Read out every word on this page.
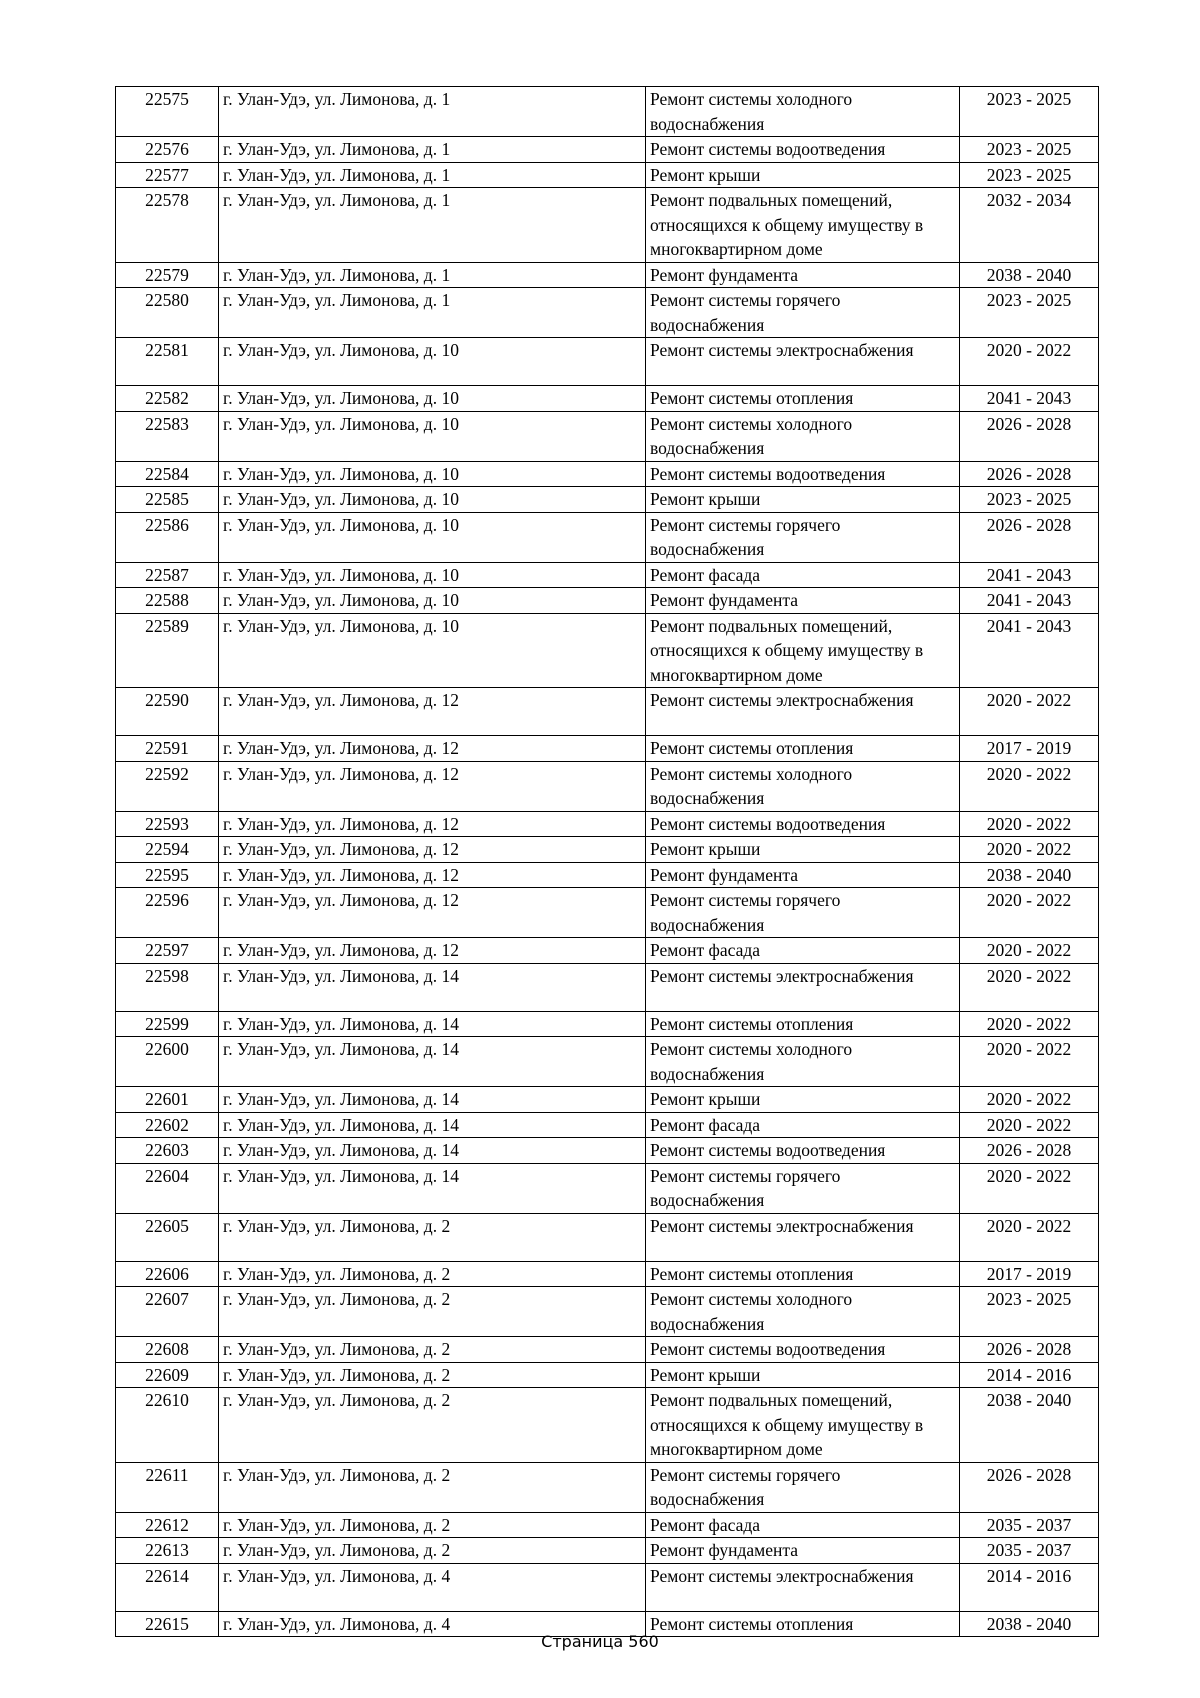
22575	г. Улан-Удэ, ул. Лимонова, д. 1	Ремонт системы холодного водоснабжения	2023 - 2025
22576	г. Улан-Удэ, ул. Лимонова, д. 1	Ремонт системы водоотведения	2023 - 2025
22577	г. Улан-Удэ, ул. Лимонова, д. 1	Ремонт крыши	2023 - 2025
22578	г. Улан-Удэ, ул. Лимонова, д. 1	Ремонт подвальных помещений, относящихся к общему имуществу в многоквартирном доме	2032 - 2034
22579	г. Улан-Удэ, ул. Лимонова, д. 1	Ремонт фундамента	2038 - 2040
22580	г. Улан-Удэ, ул. Лимонова, д. 1	Ремонт системы горячего водоснабжения	2023 - 2025
22581	г. Улан-Удэ, ул. Лимонова, д. 10	Ремонт системы электроснабжения	2020 - 2022
22582	г. Улан-Удэ, ул. Лимонова, д. 10	Ремонт системы отопления	2041 - 2043
22583	г. Улан-Удэ, ул. Лимонова, д. 10	Ремонт системы холодного водоснабжения	2026 - 2028
22584	г. Улан-Удэ, ул. Лимонова, д. 10	Ремонт системы водоотведения	2026 - 2028
22585	г. Улан-Удэ, ул. Лимонова, д. 10	Ремонт крыши	2023 - 2025
22586	г. Улан-Удэ, ул. Лимонова, д. 10	Ремонт системы горячего водоснабжения	2026 - 2028
22587	г. Улан-Удэ, ул. Лимонова, д. 10	Ремонт фасада	2041 - 2043
22588	г. Улан-Удэ, ул. Лимонова, д. 10	Ремонт фундамента	2041 - 2043
22589	г. Улан-Удэ, ул. Лимонова, д. 10	Ремонт подвальных помещений, относящихся к общему имуществу в многоквартирном доме	2041 - 2043
22590	г. Улан-Удэ, ул. Лимонова, д. 12	Ремонт системы электроснабжения	2020 - 2022
22591	г. Улан-Удэ, ул. Лимонова, д. 12	Ремонт системы отопления	2017 - 2019
22592	г. Улан-Удэ, ул. Лимонова, д. 12	Ремонт системы холодного водоснабжения	2020 - 2022
22593	г. Улан-Удэ, ул. Лимонова, д. 12	Ремонт системы водоотведения	2020 - 2022
22594	г. Улан-Удэ, ул. Лимонова, д. 12	Ремонт крыши	2020 - 2022
22595	г. Улан-Удэ, ул. Лимонова, д. 12	Ремонт фундамента	2038 - 2040
22596	г. Улан-Удэ, ул. Лимонова, д. 12	Ремонт системы горячего водоснабжения	2020 - 2022
22597	г. Улан-Удэ, ул. Лимонова, д. 12	Ремонт фасада	2020 - 2022
22598	г. Улан-Удэ, ул. Лимонова, д. 14	Ремонт системы электроснабжения	2020 - 2022
22599	г. Улан-Удэ, ул. Лимонова, д. 14	Ремонт системы отопления	2020 - 2022
22600	г. Улан-Удэ, ул. Лимонова, д. 14	Ремонт системы холодного водоснабжения	2020 - 2022
22601	г. Улан-Удэ, ул. Лимонова, д. 14	Ремонт крыши	2020 - 2022
22602	г. Улан-Удэ, ул. Лимонова, д. 14	Ремонт фасада	2020 - 2022
22603	г. Улан-Удэ, ул. Лимонова, д. 14	Ремонт системы водоотведения	2026 - 2028
22604	г. Улан-Удэ, ул. Лимонова, д. 14	Ремонт системы горячего водоснабжения	2020 - 2022
22605	г. Улан-Удэ, ул. Лимонова, д. 2	Ремонт системы электроснабжения	2020 - 2022
22606	г. Улан-Удэ, ул. Лимонова, д. 2	Ремонт системы отопления	2017 - 2019
22607	г. Улан-Удэ, ул. Лимонова, д. 2	Ремонт системы холодного водоснабжения	2023 - 2025
22608	г. Улан-Удэ, ул. Лимонова, д. 2	Ремонт системы водоотведения	2026 - 2028
22609	г. Улан-Удэ, ул. Лимонова, д. 2	Ремонт крыши	2014 - 2016
22610	г. Улан-Удэ, ул. Лимонова, д. 2	Ремонт подвальных помещений, относящихся к общему имуществу в многоквартирном доме	2038 - 2040
22611	г. Улан-Удэ, ул. Лимонова, д. 2	Ремонт системы горячего водоснабжения	2026 - 2028
22612	г. Улан-Удэ, ул. Лимонова, д. 2	Ремонт фасада	2035 - 2037
22613	г. Улан-Удэ, ул. Лимонова, д. 2	Ремонт фундамента	2035 - 2037
22614	г. Улан-Удэ, ул. Лимонова, д. 4	Ремонт системы электроснабжения	2014 - 2016
22615	г. Улан-Удэ, ул. Лимонова, д. 4	Ремонт системы отопления	2038 - 2040
Страница 560
